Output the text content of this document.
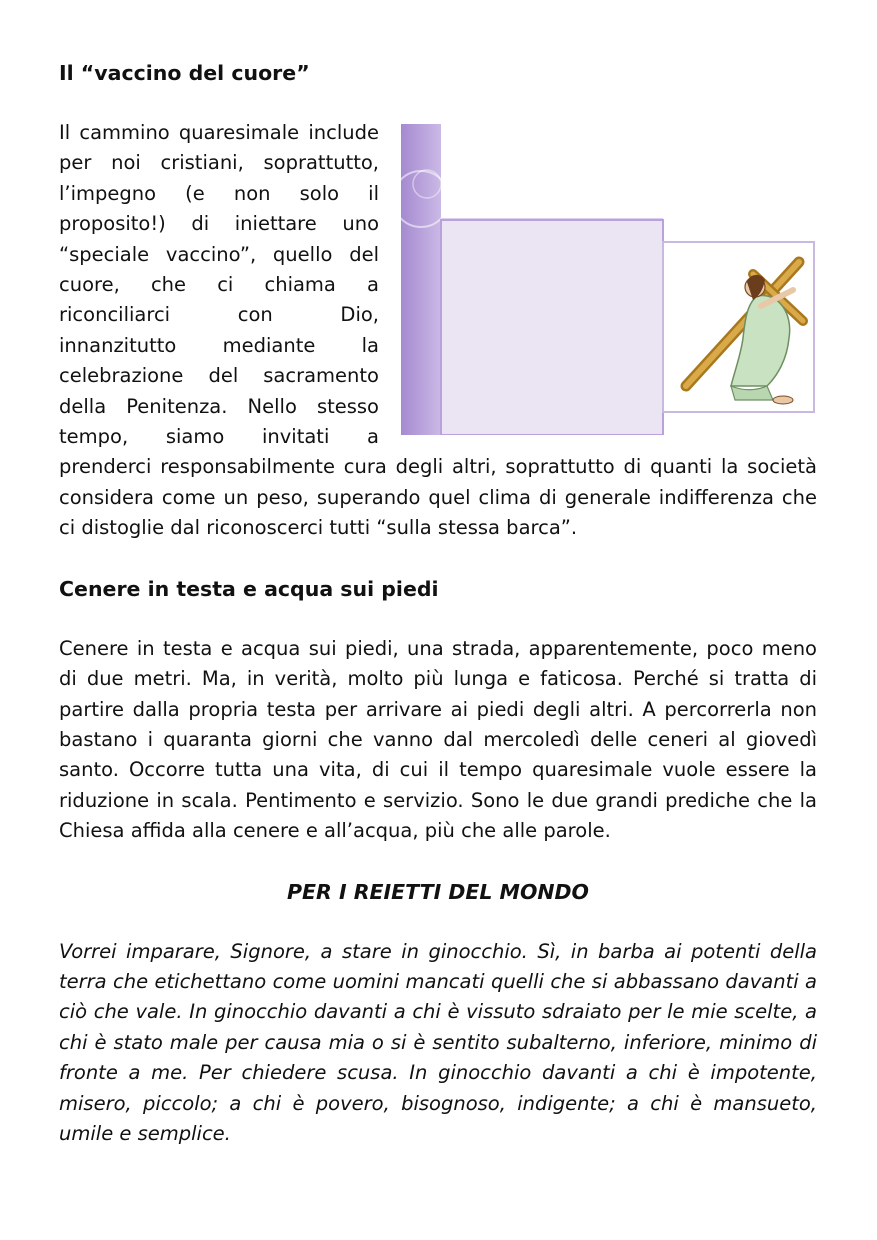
Il “vaccino del cuore”

Il cammino quaresimale include per noi cristiani, soprattutto, l’impegno (e non solo il proposito!) di iniettare uno “speciale vaccino”, quello del cuore, che ci chiama a riconciliarci con Dio, innanzitutto mediante la celebrazione del sacramento della Penitenza. Nello stesso tempo, siamo invitati a prenderci responsabilmente cura degli altri, soprattutto di quanti la società considera come un peso, superando quel clima di generale indifferenza che ci distoglie dal riconoscerci tutti “sulla stessa barca”.

Cenere in testa e acqua sui piedi

Cenere in testa e acqua sui piedi, una strada, apparentemente, poco meno di due metri. Ma, in verità, molto più lunga e faticosa. Perché si tratta di partire dalla propria testa per arrivare ai piedi degli altri. A percorrerla non bastano i quaranta giorni che vanno dal mercoledì delle ceneri al giovedì santo. Occorre tutta una vita, di cui il tempo quaresimale vuole essere la riduzione in scala. Pentimento e servizio. Sono le due grandi prediche che la Chiesa affida alla cenere e all’acqua, più che alle parole.

PER I REIETTI DEL MONDO

Vorrei imparare, Signore, a stare in ginocchio. Sì, in barba ai potenti della terra che etichettano come uomini mancati quelli che si abbassano davanti a ciò che vale. In ginocchio davanti a chi è vissuto sdraiato per le mie scelte, a chi è stato male per causa mia o si è sentito subalterno, inferiore, minimo di fronte a me. Per chiedere scusa. In ginocchio davanti a chi è impotente, misero, piccolo; a chi è povero, bisognoso, indigente; a chi è mansueto, umile e semplice.
